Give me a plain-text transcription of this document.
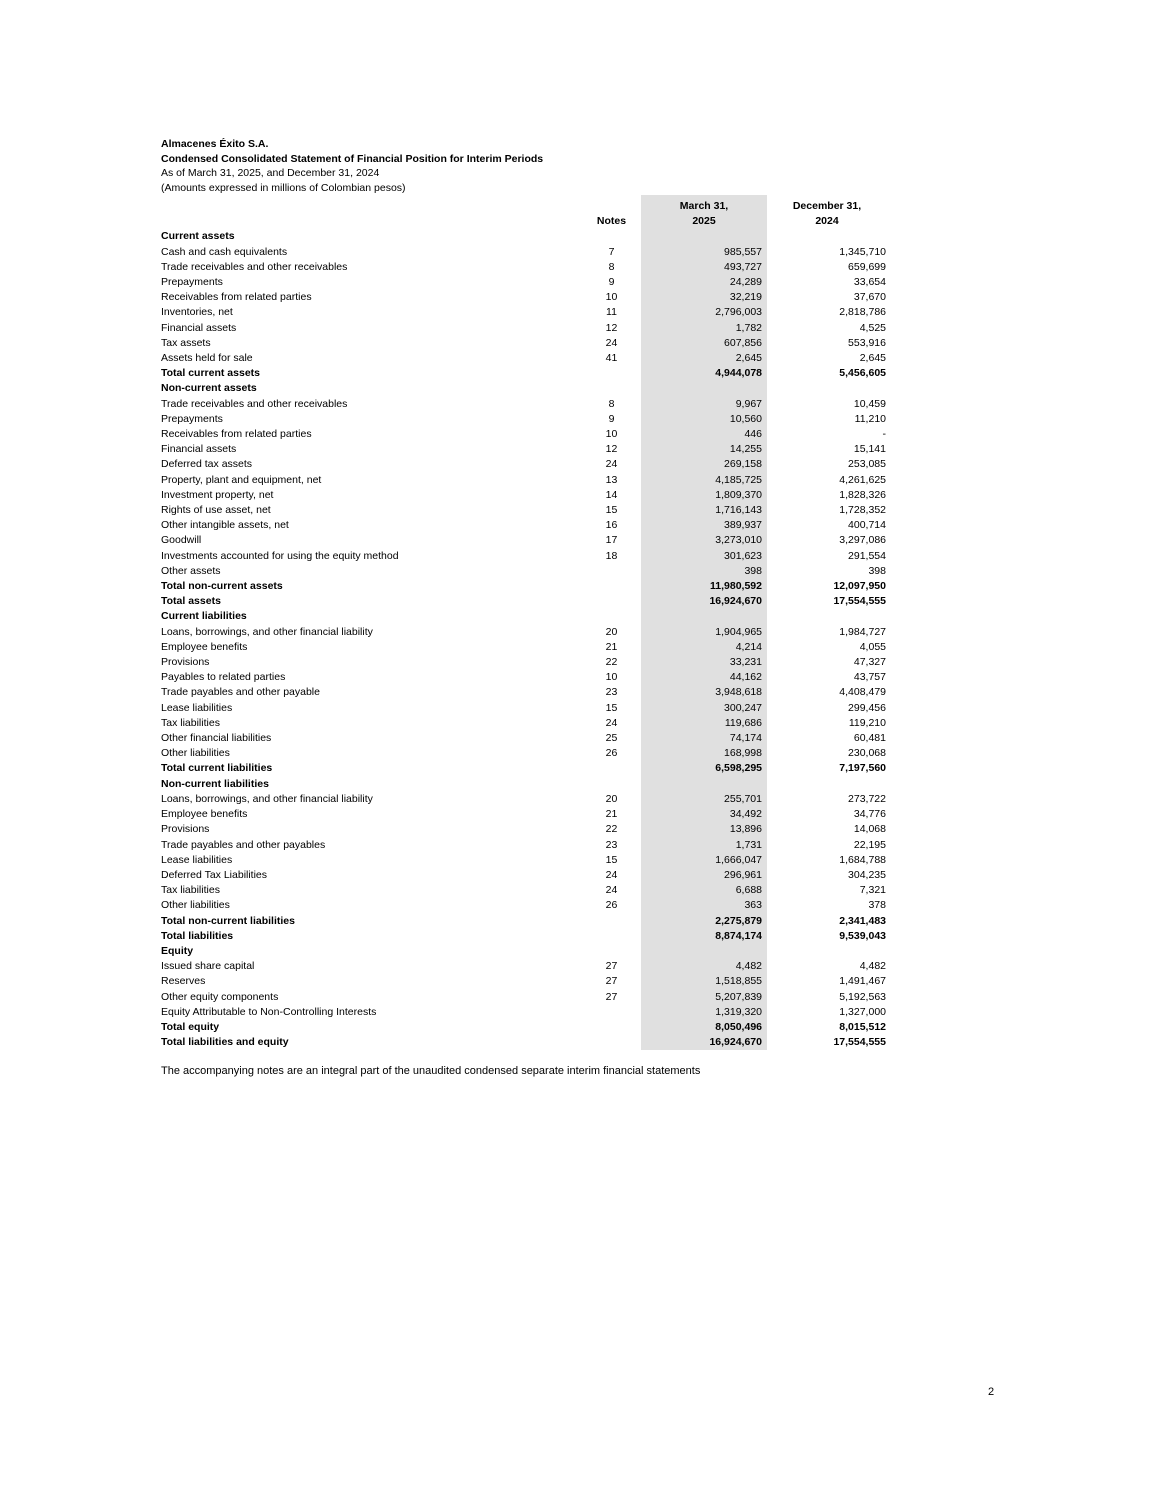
Almacenes Éxito S.A.
Condensed Consolidated Statement of Financial Position for Interim Periods
As of March 31, 2025, and December 31, 2024
(Amounts expressed in millions of Colombian pesos)

Notes

March 31,
2025

December 31,
2024

Current assets			
Cash and cash equivalents	7	985,557	1,345,710
Trade receivables and other receivables	8	493,727	659,699
Prepayments	9	24,289	33,654
Receivables from related parties	10	32,219	37,670
Inventories, net	11	2,796,003	2,818,786
Financial assets	12	1,782	4,525
Tax assets	24	607,856	553,916
Assets held for sale	41	2,645	2,645
Total current assets		4,944,078	5,456,605
Non-current assets			
Trade receivables and other receivables	8	9,967	10,459
Prepayments	9	10,560	11,210
Receivables from related parties	10	446	-
Financial assets	12	14,255	15,141
Deferred tax assets	24	269,158	253,085
Property, plant and equipment, net	13	4,185,725	4,261,625
Investment property, net	14	1,809,370	1,828,326
Rights of use asset, net	15	1,716,143	1,728,352
Other intangible assets, net	16	389,937	400,714
Goodwill	17	3,273,010	3,297,086
Investments accounted for using the equity method	18	301,623	291,554
Other assets		398	398
Total non-current assets		11,980,592	12,097,950
Total assets		16,924,670	17,554,555
Current liabilities			
Loans, borrowings, and other financial liability	20	1,904,965	1,984,727
Employee benefits	21	4,214	4,055
Provisions	22	33,231	47,327
Payables to related parties	10	44,162	43,757
Trade payables and other payable	23	3,948,618	4,408,479
Lease liabilities	15	300,247	299,456
Tax liabilities	24	119,686	119,210
Other financial liabilities	25	74,174	60,481
Other liabilities	26	168,998	230,068
Total current liabilities		6,598,295	7,197,560
Non-current liabilities			
Loans, borrowings, and other financial liability	20	255,701	273,722
Employee benefits	21	34,492	34,776
Provisions	22	13,896	14,068
Trade payables and other payables	23	1,731	22,195
Lease liabilities	15	1,666,047	1,684,788
Deferred Tax Liabilities	24	296,961	304,235
Tax liabilities	24	6,688	7,321
Other liabilities	26	363	378
Total non-current liabilities		2,275,879	2,341,483
Total liabilities		8,874,174	9,539,043
Equity			
Issued share capital	27	4,482	4,482
Reserves	27	1,518,855	1,491,467
Other equity components	27	5,207,839	5,192,563
Equity Attributable to Non-Controlling Interests		1,319,320	1,327,000
Total equity		8,050,496	8,015,512
Total liabilities and equity		16,924,670	17,554,555
The accompanying notes are an integral part of the unaudited condensed separate interim financial statements
2
